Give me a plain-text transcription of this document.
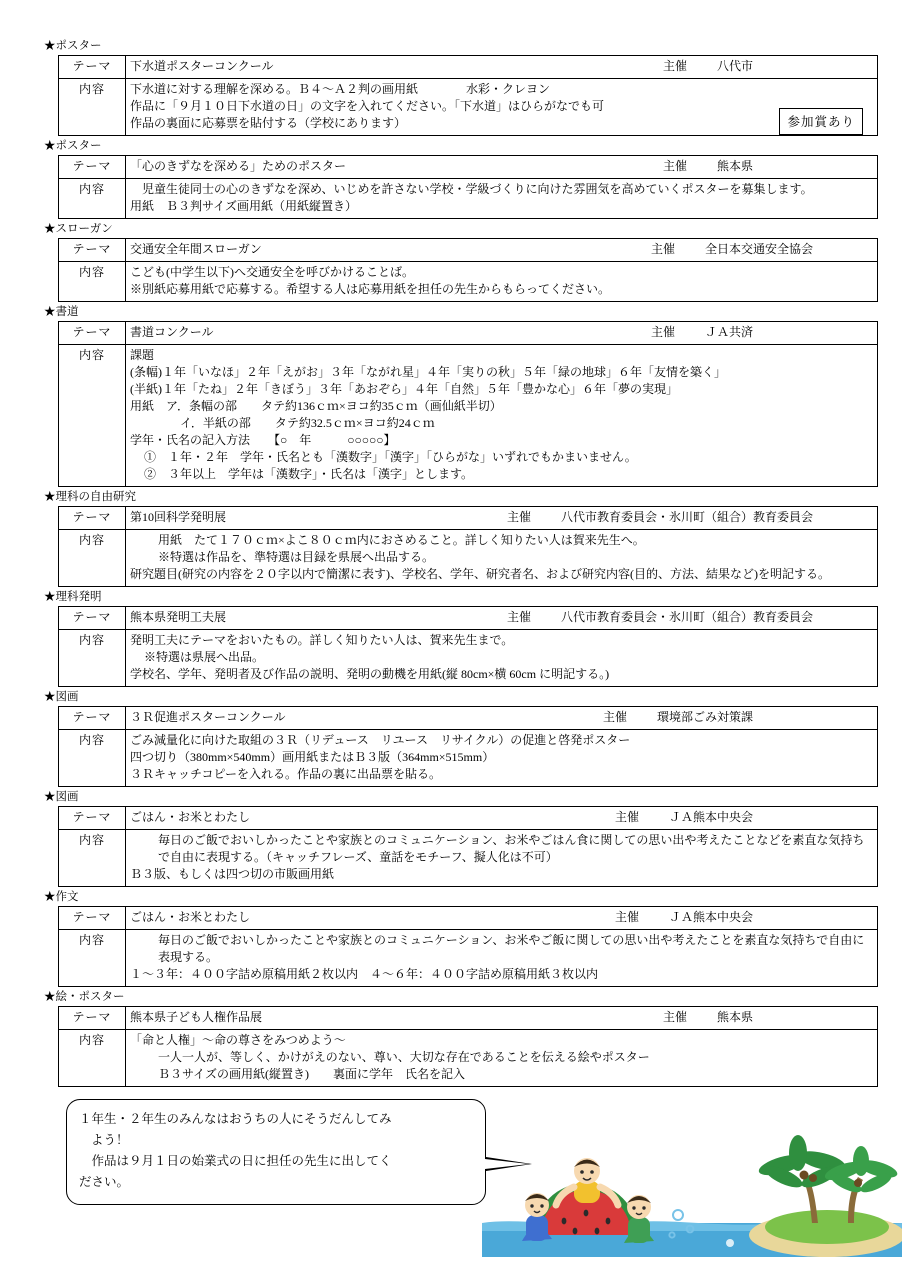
★ポスター
テーマ	下水道ポスターコンクール 主催 八代市

内容	下水道に対する理解を深める。Ｂ４〜Ａ２判の画用紙　　　　水彩・クレヨン
作品に「９月１０日下水道の日」の文字を入れてください。「下水道」はひらがなでも可
作品の裏面に応募票を貼付する（学校にあります）	参加賞あり
★ポスター
テーマ	「心のきずなを深める」ためのポスター 主催 熊本県

内容	　児童生徒同士の心のきずなを深め、いじめを許さない学校・学級づくりに向けた雰囲気を高めていくポスターを募集します。
用紙　Ｂ３判サイズ画用紙（用紙縦置き）
★スローガン
テーマ	交通安全年間スローガン 主催 全日本交通安全協会

内容	こども(中学生以下)へ交通安全を呼びかけることば。
※別紙応募用紙で応募する。希望する人は応募用紙を担任の先生からもらってください。
★書道
テーマ	書道コンクール 主催 ＪＡ共済

内容	課題
(条幅)１年「いなほ」２年「えがお」３年「ながれ星」４年「実りの秋」５年「緑の地球」６年「友情を築く」
(半紙)１年「たね」２年「きぼう」３年「あおぞら」４年「自然」５年「豊かな心」６年「夢の実現」
用紙　ア．条幅の部　　タテ約136ｃｍ×ヨコ約35ｃｍ（画仙紙半切）
　　　イ．半紙の部　　タテ約32.5ｃｍ×ヨコ約24ｃｍ
学年・氏名の記入方法　　【○　年　　　○○○○○】
①　１年・２年　学年・氏名とも「漢数字」「漢字」「ひらがな」いずれでもかまいません。
②　３年以上　学年は「漢数字」・氏名は「漢字」とします。
★理科の自由研究
テーマ	第10回科学発明展 主催 八代市教育委員会・氷川町（組合）教育委員会

内容	用紙　たて１７０ｃｍ×よこ８０ｃｍ内におさめること。詳しく知りたい人は賀来先生へ。
※特選は作品を、準特選は目録を県展へ出品する。
研究題目(研究の内容を２０字以内で簡潔に表す)、学校名、学年、研究者名、および研究内容(目的、方法、結果など)を明記する。
★理科発明
テーマ	熊本県発明工夫展 主催 八代市教育委員会・氷川町（組合）教育委員会

内容	発明工夫にテーマをおいたもの。詳しく知りたい人は、賀来先生まで。
※特選は県展へ出品。
学校名、学年、発明者及び作品の説明、発明の動機を用紙(縦 80cm×横 60cm に明記する。)
★図画
テーマ	３Ｒ促進ポスターコンクール 主催 環境部ごみ対策課

内容	ごみ減量化に向けた取組の３Ｒ（リデュース　リユース　リサイクル）の促進と啓発ポスター
四つ切り（380mm×540mm）画用紙またはＢ３版（364mm×515mm）
３Ｒキャッチコピーを入れる。作品の裏に出品票を貼る。
★図画
テーマ	ごはん・お米とわたし 主催 ＪＡ熊本中央会

内容	毎日のご飯でおいしかったことや家族とのコミュニケーション、お米やごはん食に関しての思い出や考えたことなどを素直な気持ちで自由に表現する。（キャッチフレーズ、童話をモチーフ、擬人化は不可）
Ｂ３版、もしくは四つ切の市販画用紙
★作文
テーマ	ごはん・お米とわたし 主催 ＪＡ熊本中央会

内容	毎日のご飯でおいしかったことや家族とのコミュニケーション、お米やご飯に関しての思い出や考えたことを素直な気持ちで自由に表現する。
１〜３年：４００字詰め原稿用紙２枚以内　４〜６年：４００字詰め原稿用紙３枚以内
★絵・ポスター
テーマ	熊本県子ども人権作品展 主催 熊本県

内容	「命と人権」〜命の尊さをみつめよう〜
一人一人が、等しく、かけがえのない、尊い、大切な存在であることを伝える絵やポスター
Ｂ３サイズの画用紙(縦置き)　　裏面に学年　氏名を記入
１年生・２年生のみんなはおうちの人にそうだんしてみ
よう！
　作品は９月１日の始業式の日に担任の先生に出してく
ださい。
